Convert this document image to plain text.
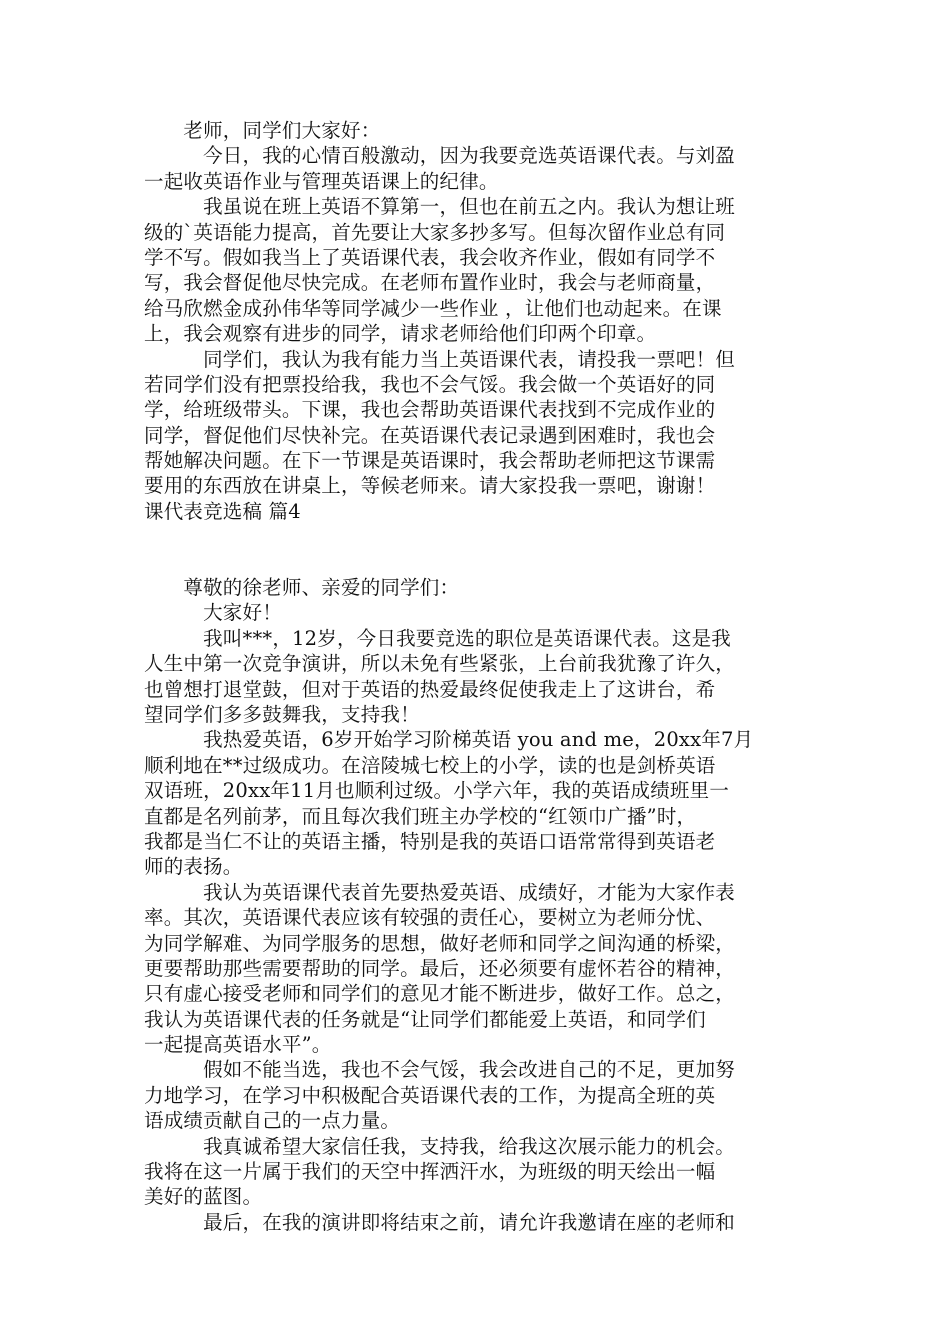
　　老师，同学们大家好：
　　　今日，我的心情百般激动，因为我要竞选英语课代表。与刘盈
一起收英语作业与管理英语课上的纪律。
　　　我虽说在班上英语不算第一，但也在前五之内。我认为想让班
级的`英语能力提高，首先要让大家多抄多写。但每次留作业总有同
学不写。假如我当上了英语课代表，我会收齐作业，假如有同学不
写，我会督促他尽快完成。在老师布置作业时，我会与老师商量，
给马欣燃金成孙伟华等同学减少一些作业 ，让他们也动起来。在课
上，我会观察有进步的同学，请求老师给他们印两个印章。
　　　同学们，我认为我有能力当上英语课代表，请投我一票吧！但
若同学们没有把票投给我，我也不会气馁。我会做一个英语好的同
学，给班级带头。下课，我也会帮助英语课代表找到不完成作业的
同学，督促他们尽快补完。在英语课代表记录遇到困难时，我也会
帮她解决问题。在下一节课是英语课时，我会帮助老师把这节课需
要用的东西放在讲桌上，等候老师来。请大家投我一票吧，谢谢！
课代表竞选稿 篇4
　　尊敬的徐老师、亲爱的同学们：
　　　大家好！
　　　我叫***，12岁，今日我要竞选的职位是英语课代表。这是我
人生中第一次竞争演讲，所以未免有些紧张，上台前我犹豫了许久，
也曾想打退堂鼓，但对于英语的热爱最终促使我走上了这讲台，希
望同学们多多鼓舞我，支持我！
　　　我热爱英语，6岁开始学习阶梯英语 you and me，20xx年7月
顺利地在**过级成功。在涪陵城七校上的小学，读的也是剑桥英语
双语班，20xx年11月也顺利过级。小学六年，我的英语成绩班里一
直都是名列前茅，而且每次我们班主办学校的“红领巾广播”时，
我都是当仁不让的英语主播，特别是我的英语口语常常得到英语老
师的表扬。
　　　我认为英语课代表首先要热爱英语、成绩好，才能为大家作表
率。其次，英语课代表应该有较强的责任心，要树立为老师分忧、
为同学解难、为同学服务的思想，做好老师和同学之间沟通的桥梁，
更要帮助那些需要帮助的同学。最后，还必须要有虚怀若谷的精神，
只有虚心接受老师和同学们的意见才能不断进步，做好工作。总之，
我认为英语课代表的任务就是“让同学们都能爱上英语，和同学们
一起提高英语水平”。
　　　假如不能当选，我也不会气馁，我会改进自己的不足，更加努
力地学习，在学习中积极配合英语课代表的工作，为提高全班的英
语成绩贡献自己的一点力量。
　　　我真诚希望大家信任我，支持我，给我这次展示能力的机会。
我将在这一片属于我们的天空中挥洒汗水，为班级的明天绘出一幅
美好的蓝图。
　　　最后，在我的演讲即将结束之前，请允许我邀请在座的老师和
